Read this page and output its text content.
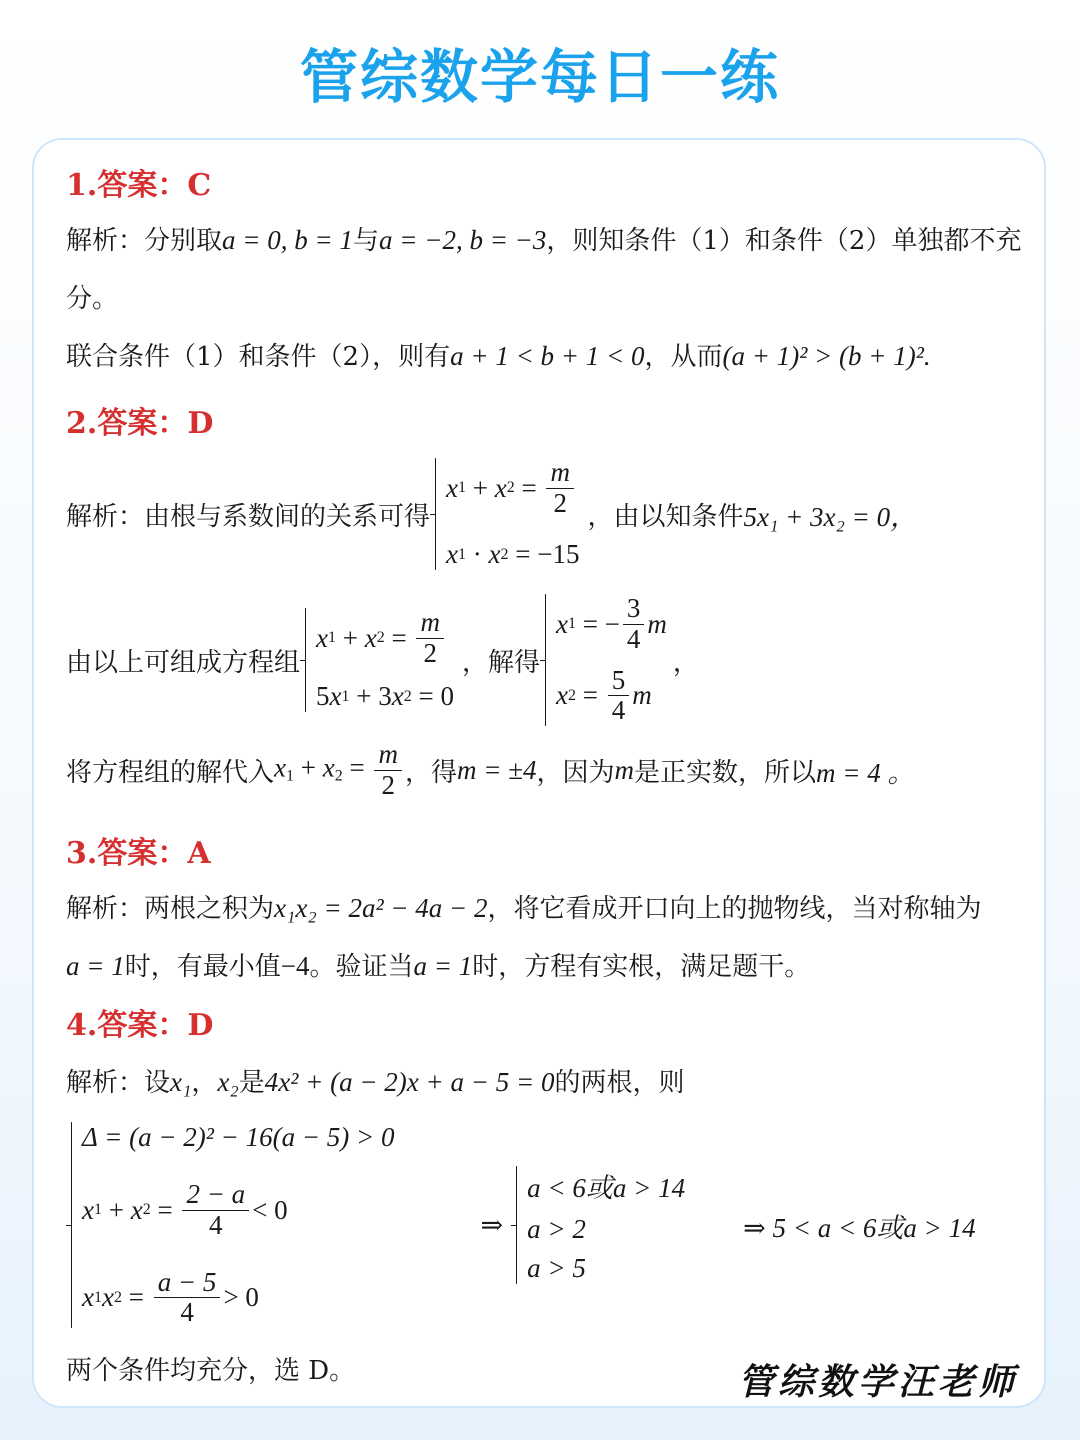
管综数学每日一练
1.答案：C
解析：分别取a = 0, b = 1与a = −2, b = −3，则知条件（1）和条件（2）单独都不充
分。
联合条件（1）和条件（2），则有a + 1 < b + 1 < 0，从而(a + 1)² > (b + 1)².
2.答案：D
解析：由根与系数间的关系可得
x 1 + x $2 = \frac{m}{2}$
x 1 · x 2 = −15
，由以知条件 5x₁ + 3x₂ = 0，
由以上可组成方程组
x 1 + x $2 = \frac{m}{2}$
5 x 1 + 3 x 2 = 0
，解得
x 1 = − $\frac{3}{4}$ m
x $2 = \frac{5}{4}$ m
，
将方程组的解代入 $x_1 + x_2 = \frac{m}{2}$ ，得 m = ±4 ，因为 m 是正实数，所以 m = 4 。
3.答案：A
解析：两根之积为x₁x₂ = 2a² − 4a − 2，将它看成开口向上的抛物线，当对称轴为
a = 1时，有最小值−4。验证当a = 1时，方程有实根，满足题干。
4.答案：D
解析：设x₁，x₂是4x² + (a − 2)x + a − 5 = 0的两根，则
Δ = (a − 2)² − 16(a − 5) > 0
x 1 + x $2 = \frac{2 - a}{4} < 0$
x 1 x $2 = \frac{a - 5}{4} > 0$
⇒
a < 6或a > 14
a > 2
a > 5
⇒ 5 < a < 6或a > 14
两个条件均充分，选 D。	管综数学汪老师
